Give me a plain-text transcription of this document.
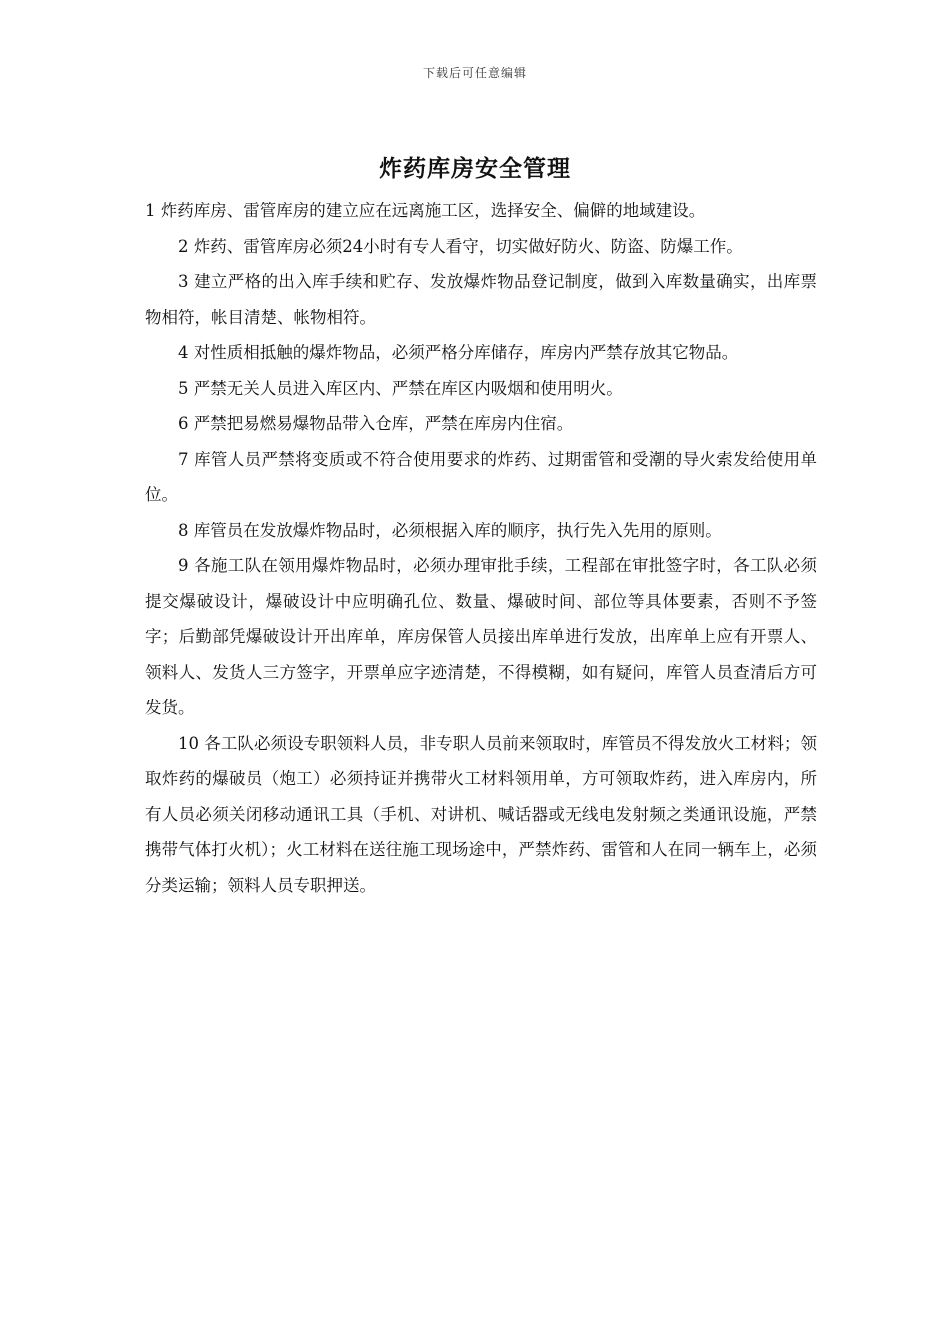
下载后可任意编辑
炸药库房安全管理

1 炸药库房、雷管库房的建立应在远离施工区，选择安全、偏僻的地域建设。

2 炸药、雷管库房必须24小时有专人看守，切实做好防火、防盗、防爆工作。

3 建立严格的出入库手续和贮存、发放爆炸物品登记制度，做到入库数量确实，出库票物相符，帐目清楚、帐物相符。

4 对性质相抵触的爆炸物品，必须严格分库储存，库房内严禁存放其它物品。

5 严禁无关人员进入库区内、严禁在库区内吸烟和使用明火。

6 严禁把易燃易爆物品带入仓库，严禁在库房内住宿。

7 库管人员严禁将变质或不符合使用要求的炸药、过期雷管和受潮的导火索发给使用单位。

8 库管员在发放爆炸物品时，必须根据入库的顺序，执行先入先用的原则。

9 各施工队在领用爆炸物品时，必须办理审批手续，工程部在审批签字时，各工队必须提交爆破设计，爆破设计中应明确孔位、数量、爆破时间、部位等具体要素，否则不予签字；后勤部凭爆破设计开出库单，库房保管人员接出库单进行发放，出库单上应有开票人、领料人、发货人三方签字，开票单应字迹清楚，不得模糊，如有疑问，库管人员查清后方可发货。

10 各工队必须设专职领料人员，非专职人员前来领取时，库管员不得发放火工材料；领取炸药的爆破员（炮工）必须持证并携带火工材料领用单，方可领取炸药，进入库房内，所有人员必须关闭移动通讯工具（手机、对讲机、喊话器或无线电发射频之类通讯设施，严禁携带气体打火机）；火工材料在送往施工现场途中，严禁炸药、雷管和人在同一辆车上，必须分类运输；领料人员专职押送。
